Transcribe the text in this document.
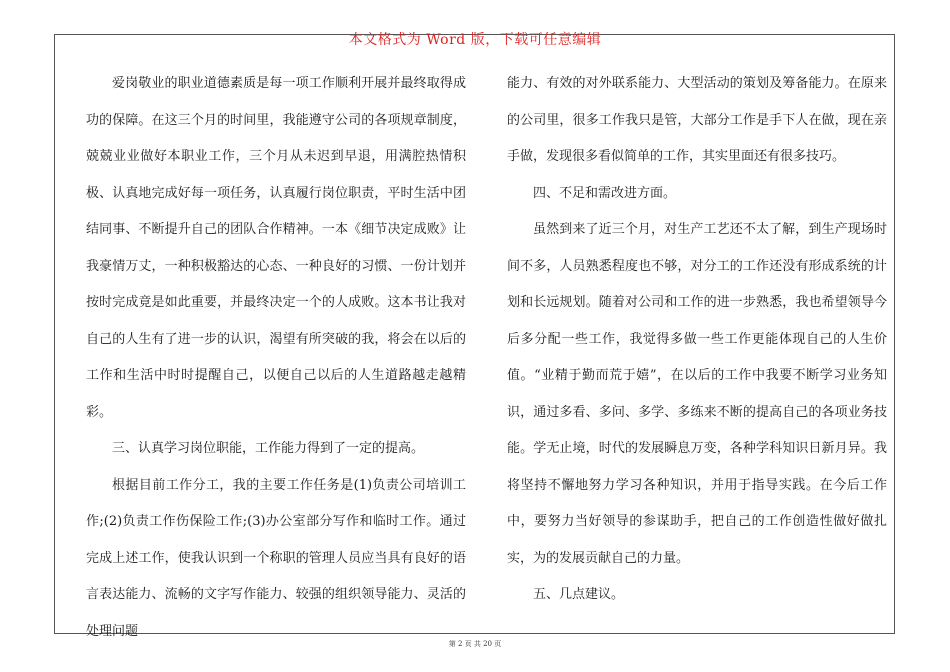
本文格式为 Word 版，下载可任意编辑

爱岗敬业的职业道德素质是每一项工作顺利开展并最终取得成功的保障。在这三个月的时间里，我能遵守公司的各项规章制度，兢兢业业做好本职业工作，三个月从未迟到早退，用满腔热情积极、认真地完成好每一项任务，认真履行岗位职责，平时生活中团结同事、不断提升自己的团队合作精神。一本《细节决定成败》让我豪情万丈，一种积极豁达的心态、一种良好的习惯、一份计划并按时完成竟是如此重要，并最终决定一个的人成败。这本书让我对自己的人生有了进一步的认识，渴望有所突破的我，将会在以后的工作和生活中时时提醒自己，以便自己以后的人生道路越走越精彩。

三、认真学习岗位职能，工作能力得到了一定的提高。

根据目前工作分工，我的主要工作任务是(1)负责公司培训工作;(2)负责工作伤保险工作;(3)办公室部分写作和临时工作。通过完成上述工作，使我认识到一个称职的管理人员应当具有良好的语言表达能力、流畅的文字写作能力、较强的组织领导能力、灵活的处理问题

能力、有效的对外联系能力、大型活动的策划及筹备能力。在原来的公司里，很多工作我只是管，大部分工作是手下人在做，现在亲手做，发现很多看似简单的工作，其实里面还有很多技巧。

四、不足和需改进方面。

虽然到来了近三个月，对生产工艺还不太了解，到生产现场时间不多，人员熟悉程度也不够，对分工的工作还没有形成系统的计划和长远规划。随着对公司和工作的进一步熟悉，我也希望领导今后多分配一些工作，我觉得多做一些工作更能体现自己的人生价值。“业精于勤而荒于嬉”，在以后的工作中我要不断学习业务知识，通过多看、多问、多学、多练来不断的提高自己的各项业务技能。学无止境，时代的发展瞬息万变，各种学科知识日新月异。我将坚持不懈地努力学习各种知识，并用于指导实践。在今后工作中，要努力当好领导的参谋助手，把自己的工作创造性做好做扎实，为的发展贡献自己的力量。

五、几点建议。

第 2 页 共 20 页
